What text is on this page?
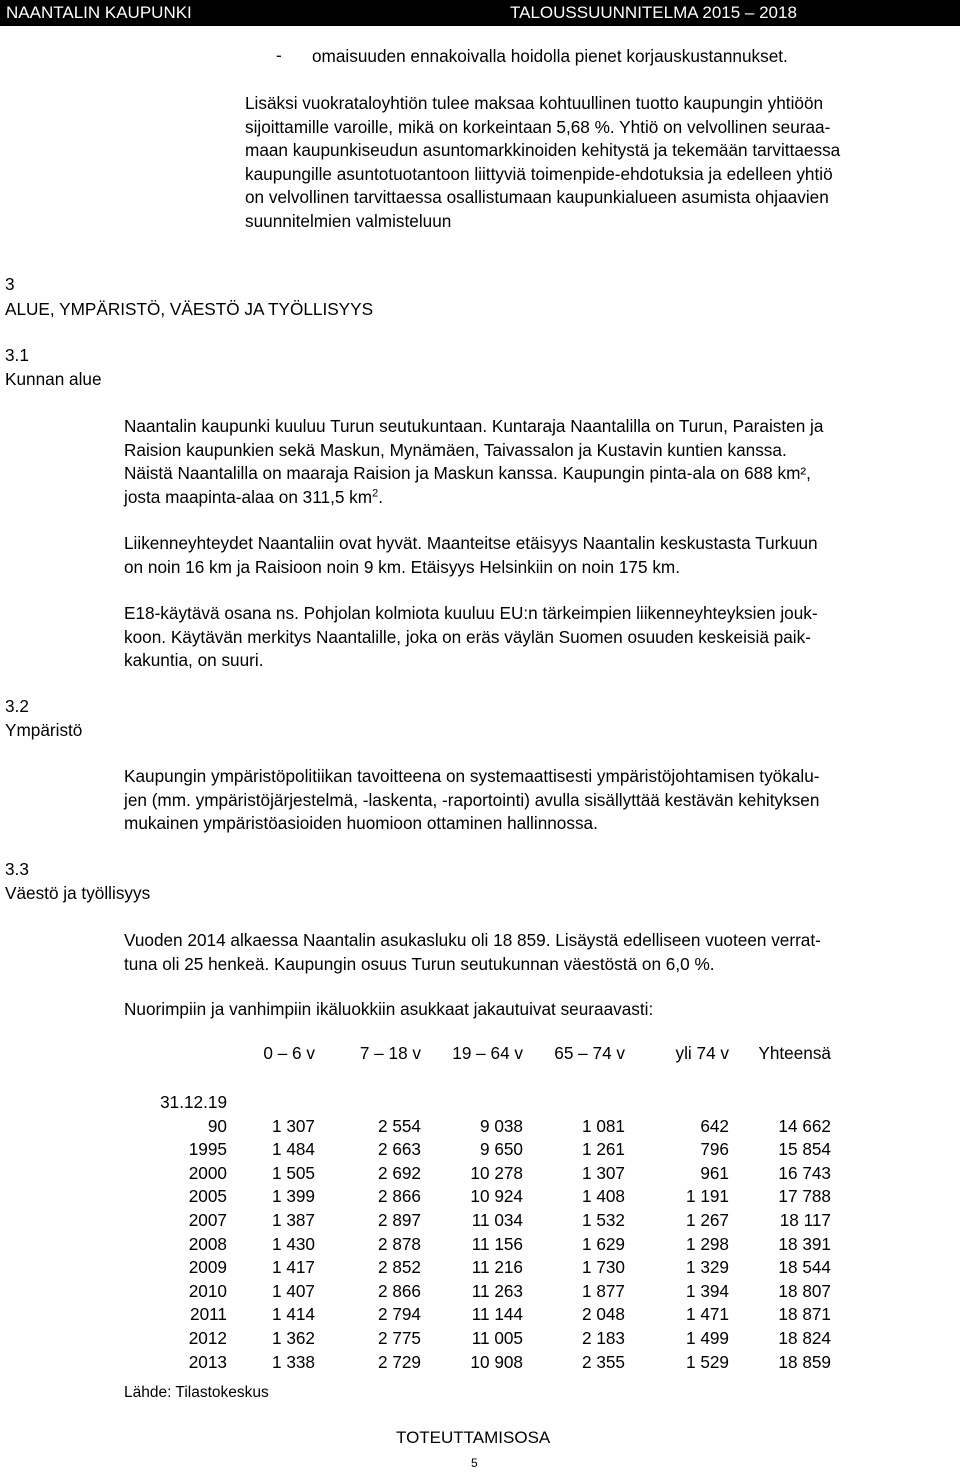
NAANTALIN KAUPUNKI	TALOUSSUUNNITELMA 2015 – 2018
- omaisuuden ennakoivalla hoidolla pienet korjauskustannukset.
Lisäksi vuokrataloyhtiön tulee maksaa kohtuullinen tuotto kaupungin yhtiöön
sijoittamille varoille, mikä on korkeintaan 5,68 %. Yhtiö on velvollinen seuraa-
maan kaupunkiseudun asuntomarkkinoiden kehitystä ja tekemään tarvittaessa
kaupungille asuntotuotantoon liittyviä toimenpide-ehdotuksia ja edelleen yhtiö
on velvollinen tarvittaessa osallistumaan kaupunkialueen asumista ohjaavien
suunnitelmien valmisteluun
3
ALUE, YMPÄRISTÖ, VÄESTÖ JA TYÖLLISYYS
3.1
Kunnan alue
Naantalin kaupunki kuuluu Turun seutukuntaan. Kuntaraja Naantalilla on Turun, Paraisten ja
Raision kaupunkien sekä Maskun, Mynämäen, Taivassalon ja Kustavin kuntien kanssa.
Näistä Naantalilla on maaraja Raision ja Maskun kanssa. Kaupungin pinta-ala on 688 km²,
josta maapinta-alaa on 311,5 $km^2$.
Liikenneyhteydet Naantaliin ovat hyvät. Maanteitse etäisyys Naantalin keskustasta Turkuun
on noin 16 km ja Raisioon noin 9 km. Etäisyys Helsinkiin on noin 175 km.
E18-käytävä osana ns. Pohjolan kolmiota kuuluu EU:n tärkeimpien liikenneyhteyksien jouk-
koon. Käytävän merkitys Naantalille, joka on eräs väylän Suomen osuuden keskeisiä paik-
kakuntia, on suuri.
3.2
Ympäristö
Kaupungin ympäristöpolitiikan tavoitteena on systemaattisesti ympäristöjohtamisen työkalu-
jen (mm. ympäristöjärjestelmä, -laskenta, -raportointi) avulla sisällyttää kestävän kehityksen
mukainen ympäristöasioiden huomioon ottaminen hallinnossa.
3.3
Väestö ja työllisyys
Vuoden 2014 alkaessa Naantalin asukasluku oli 18 859. Lisäystä edelliseen vuoteen verrat-
tuna oli 25 henkeä. Kaupungin osuus Turun seutukunnan väestöstä on 6,0 %.
Nuorimpiin ja vanhimpiin ikäluokkiin asukkaat jakautuivat seuraavasti:
	0 – 6 v	7 – 18 v	19 – 64 v	65 – 74 v	yli 74 v	Yhteensä

31.12.19
90	1 307	2 554	9 038	1 081	642	14 662
1995	1 484	2 663	9 650	1 261	796	15 854
2000	1 505	2 692	10 278	1 307	961	16 743
2005	1 399	2 866	10 924	1 408	1 191	17 788
2007	1 387	2 897	11 034	1 532	1 267	18 117
2008	1 430	2 878	11 156	1 629	1 298	18 391
2009	1 417	2 852	11 216	1 730	1 329	18 544
2010	1 407	2 866	11 263	1 877	1 394	18 807
2011	1 414	2 794	11 144	2 048	1 471	18 871
2012	1 362	2 775	11 005	2 183	1 499	18 824
2013	1 338	2 729	10 908	2 355	1 529	18 859
Lähde: Tilastokeskus
TOTEUTTAMISOSA
5
